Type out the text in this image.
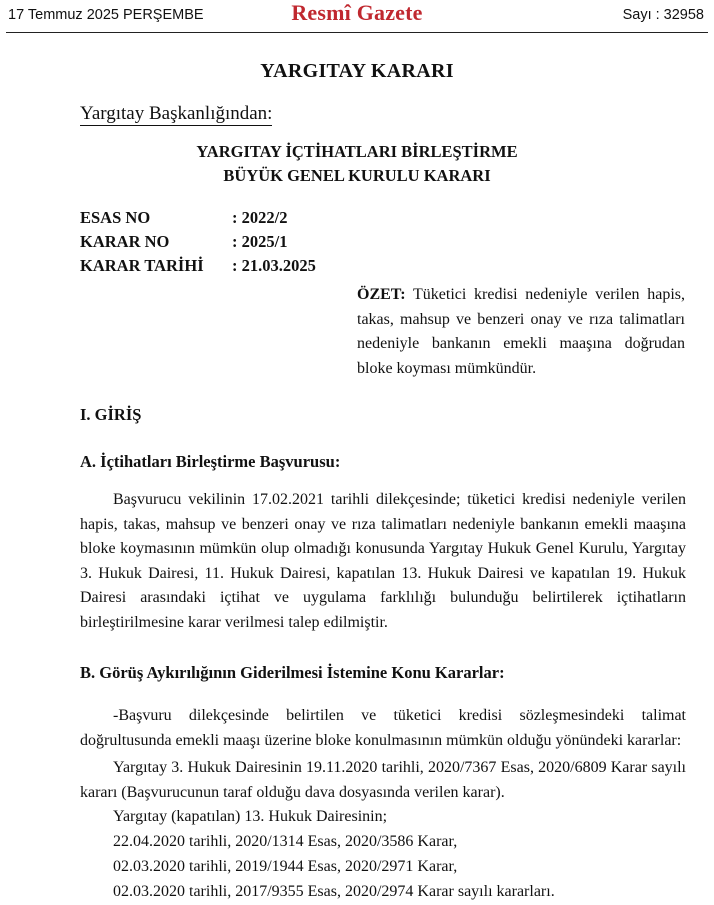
17 Temmuz 2025 PERŞEMBE	Resmî Gazete	Sayı : 32958
YARGITAY KARARI
Yargıtay Başkanlığından:
YARGITAY İÇTİHATLARI BİRLEŞTİRME
BÜYÜK GENEL KURULU KARARI
ESAS NO	: 2022/2
KARAR NO	: 2025/1
KARAR TARİHİ : 21.03.2025
ÖZET: Tüketici kredisi nedeniyle verilen hapis, takas, mahsup ve benzeri onay ve rıza talimatları nedeniyle bankanın emekli maaşına doğrudan bloke koyması mümkündür.
I. GİRİŞ
A. İçtihatları Birleştirme Başvurusu:

Başvurucu vekilinin 17.02.2021 tarihli dilekçesinde; tüketici kredisi nedeniyle verilen hapis, takas, mahsup ve benzeri onay ve rıza talimatları nedeniyle bankanın emekli maaşına bloke koymasının mümkün olup olmadığı konusunda Yargıtay Hukuk Genel Kurulu, Yargıtay 3. Hukuk Dairesi, 11. Hukuk Dairesi, kapatılan 13. Hukuk Dairesi ve kapatılan 19. Hukuk Dairesi arasındaki içtihat ve uygulama farklılığı bulunduğu belirtilerek içtihatların birleştirilmesine karar verilmesi talep edilmiştir.

B. Görüş Aykırılığının Giderilmesi İstemine Konu Kararlar:

-Başvuru dilekçesinde belirtilen ve tüketici kredisi sözleşmesindeki talimat doğrultusunda emekli maaşı üzerine bloke konulmasının mümkün olduğu yönündeki kararlar:

Yargıtay 3. Hukuk Dairesinin 19.11.2020 tarihli, 2020/7367 Esas, 2020/6809 Karar sayılı kararı (Başvurucunun taraf olduğu dava dosyasında verilen karar).

Yargıtay (kapatılan) 13. Hukuk Dairesinin;
22.04.2020 tarihli, 2020/1314 Esas, 2020/3586 Karar,
02.03.2020 tarihli, 2019/1944 Esas, 2020/2971 Karar,
02.03.2020 tarihli, 2017/9355 Esas, 2020/2974 Karar sayılı kararları.
